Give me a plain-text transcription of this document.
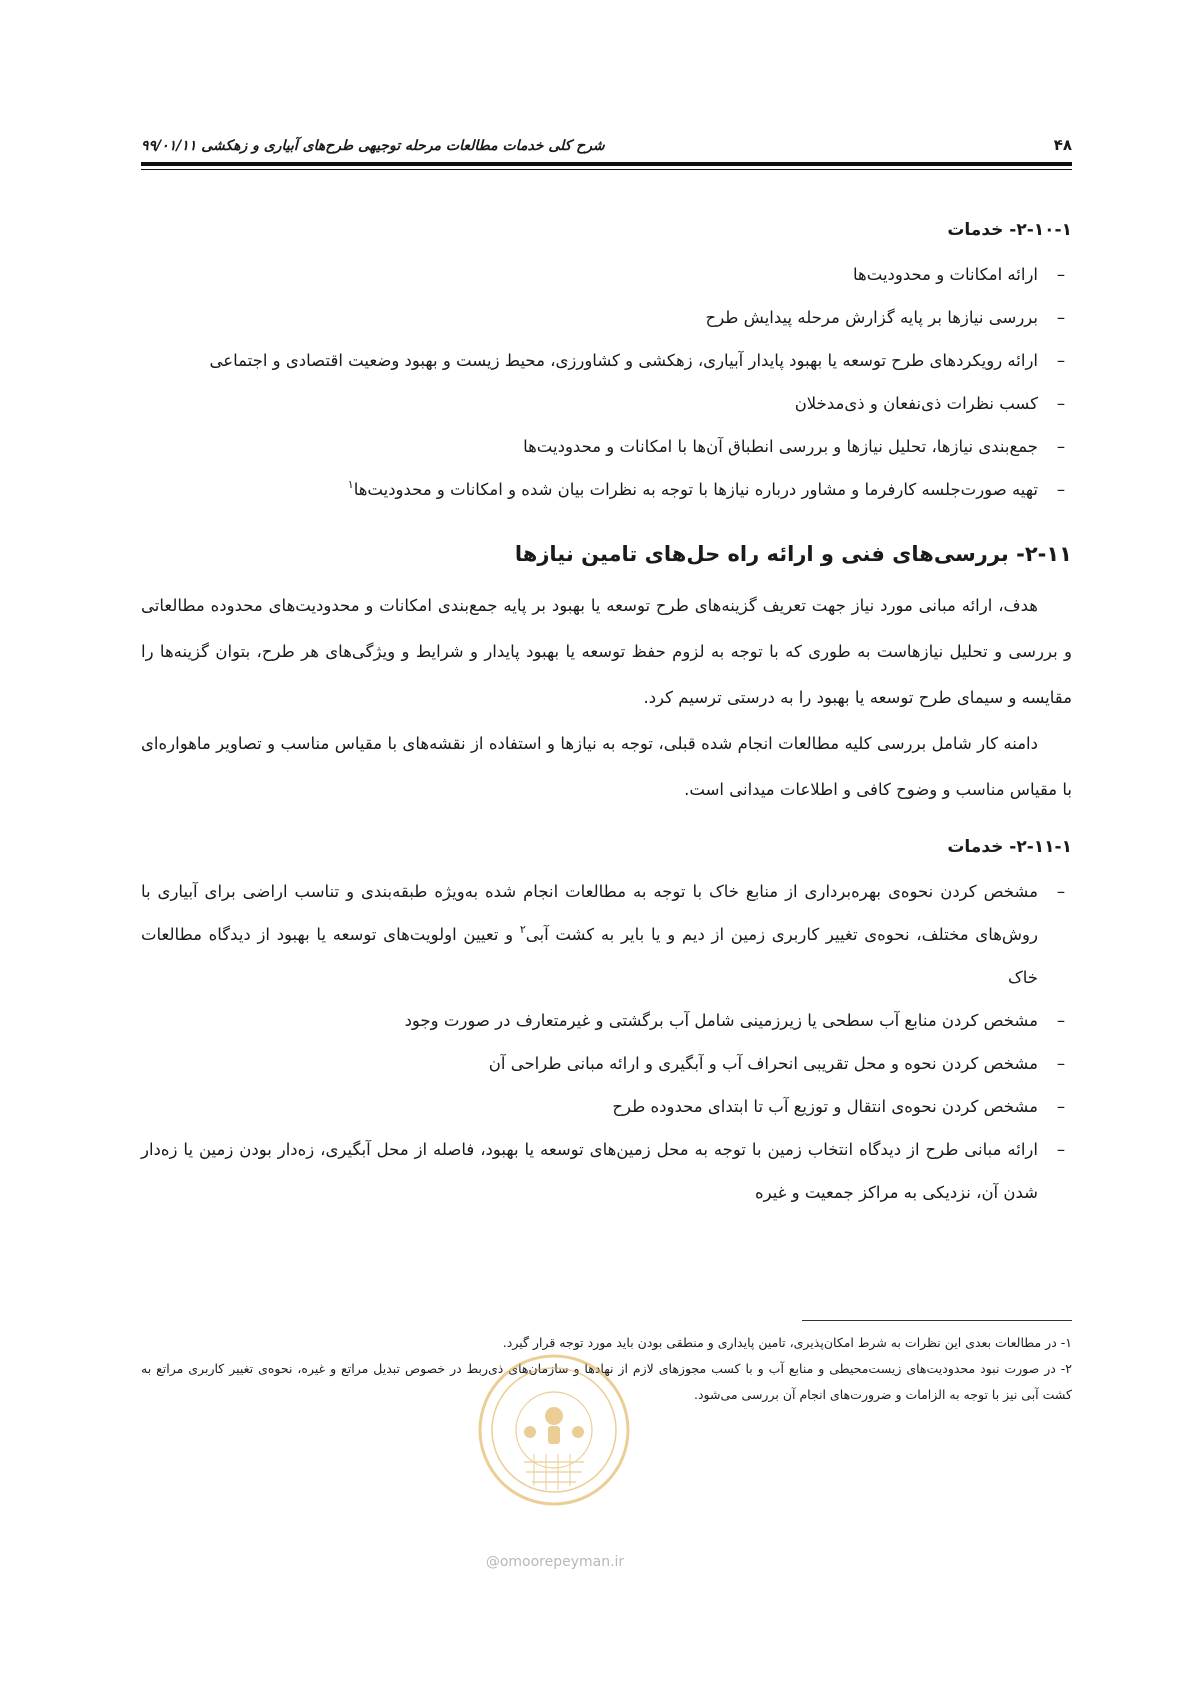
۴۸
شرح کلی خدمات مطالعات مرحله توجیهی طرح‌های آبیاری و زهکشی ۹۹/۰۱/۱۱
۲-۱۰-۱- خدمات
–
ارائه امکانات و محدودیت‌ها
–
بررسی نیازها بر پایه گزارش مرحله پیدایش طرح
–
ارائه رویکردهای طرح توسعه یا بهبود پایدار آبیاری، زهکشی و کشاورزی، محیط زیست و بهبود وضعیت اقتصادی و اجتماعی
–
کسب نظرات ذی‌نفعان و ذی‌مدخلان
–
جمع‌بندی نیازها، تحلیل نیازها و بررسی انطباق آن‌ها با امکانات و محدودیت‌ها
–
تهیه صورت‌جلسه کارفرما و مشاور درباره نیازها با توجه به نظرات بیان شده و امکانات و محدودیت‌ها$^۱$
۲-۱۱- بررسی‌های فنی و ارائه راه حل‌های تامین نیازها

هدف، ارائه مبانی مورد نیاز جهت تعریف گزینه‌های طرح توسعه یا بهبود بر پایه جمع‌بندی امکانات و محدودیت‌های محدوده مطالعاتی و بررسی و تحلیل نیازهاست به طوری که با توجه به لزوم حفظ توسعه یا بهبود پایدار و شرایط و ویژگی‌های هر طرح، بتوان گزینه‌ها را مقایسه و سیمای طرح توسعه یا بهبود را به درستی ترسیم کرد.

دامنه کار شامل بررسی کلیه مطالعات انجام شده قبلی، توجه به نیازها و استفاده از نقشه‌های با مقیاس مناسب و تصاویر ماهواره‌ای با مقیاس مناسب و وضوح کافی و اطلاعات میدانی است.

۲-۱۱-۱- خدمات
–
مشخص کردن نحوه‌ی بهره‌برداری از منابع خاک با توجه به مطالعات انجام شده به‌ویژه طبقه‌بندی و تناسب اراضی برای آبیاری با روش‌های مختلف، نحوه‌ی تغییر کاربری زمین از دیم و یا بایر به کشت آبی$^۲$ و تعیین اولویت‌های توسعه یا بهبود از دیدگاه مطالعات خاک
–
مشخص کردن منابع آب سطحی یا زیرزمینی شامل آب برگشتی و غیرمتعارف در صورت وجود
–
مشخص کردن نحوه و محل تقریبی انحراف آب و آبگیری و ارائه مبانی طراحی آن
–
مشخص کردن نحوه‌ی انتقال و توزیع آب تا ابتدای محدوده طرح
–
ارائه مبانی طرح از دیدگاه انتخاب زمین با توجه به محل زمین‌های توسعه یا بهبود، فاصله از محل آبگیری، زه‌دار بودن زمین یا زه‌دار شدن آن، نزدیکی به مراکز جمعیت و غیره

۱- در مطالعات بعدی این نظرات به شرط امکان‌پذیری، تامین پایداری و منطقی بودن باید مورد توجه قرار گیرد.

۲- در صورت نبود محدودیت‌های زیست‌محیطی و منابع آب و با کسب مجوزهای لازم از نهادها و سازمان‌های ذی‌ربط در خصوص تبدیل مراتع و غیره، نحوه‌ی تغییر کاربری مراتع به کشت آبی نیز با توجه به الزامات و ضرورت‌های انجام آن بررسی می‌شود.

@omoorepeyman.ir
